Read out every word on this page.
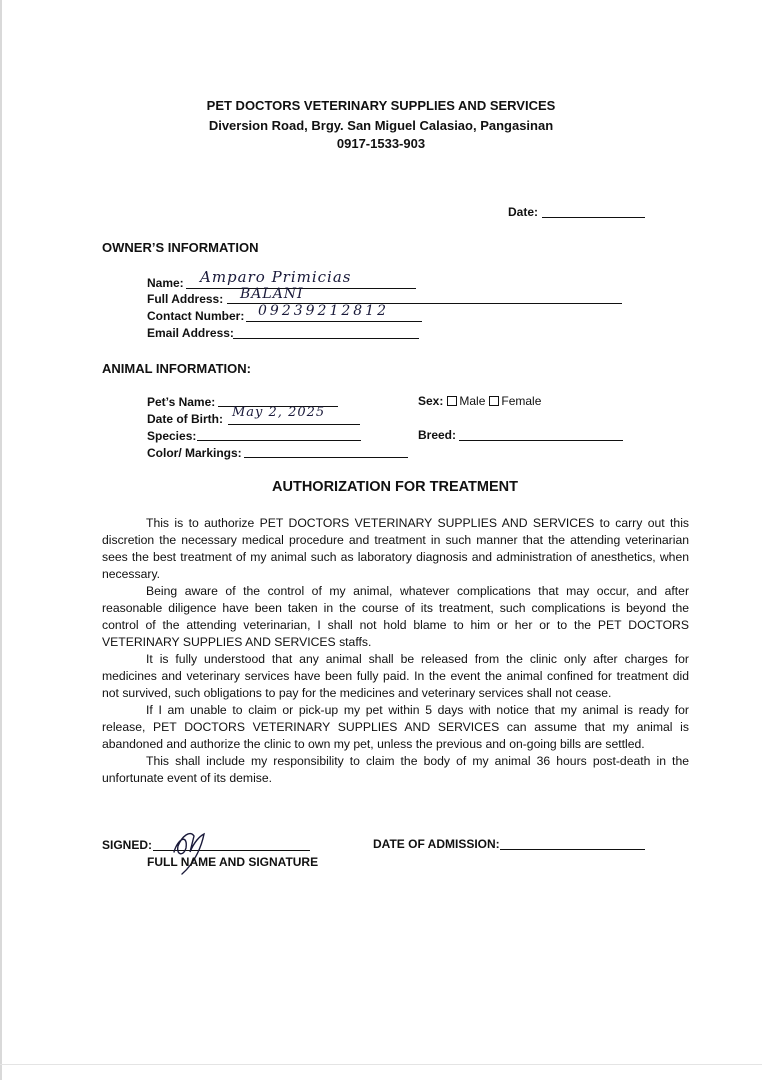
PET DOCTORS VETERINARY SUPPLIES AND SERVICES
Diversion Road, Brgy. San Miguel Calasiao, Pangasinan
0917-1533-903
Date:
OWNER’S INFORMATION
Name: Amparo Primicias
Full Address: BALANI
Contact Number: 09239212812
Email Address:
ANIMAL INFORMATION:
Pet’s Name:
Date of Birth: May 2, 2025
Species:
Color/ Markings:
Sex: Male Female
Breed:
AUTHORIZATION FOR TREATMENT

This is to authorize PET DOCTORS VETERINARY SUPPLIES AND SERVICES to carry out this discretion the necessary medical procedure and treatment in such manner that the attending veterinarian sees the best treatment of my animal such as laboratory diagnosis and administration of anesthetics, when necessary.

Being aware of the control of my animal, whatever complications that may occur, and after reasonable diligence have been taken in the course of its treatment, such complications is beyond the control of the attending veterinarian, I shall not hold blame to him or her or to the PET DOCTORS VETERINARY SUPPLIES AND SERVICES staffs.

It is fully understood that any animal shall be released from the clinic only after charges for medicines and veterinary services have been fully paid. In the event the animal confined for treatment did not survived, such obligations to pay for the medicines and veterinary services shall not cease.

If I am unable to claim or pick-up my pet within 5 days with notice that my animal is ready for release, PET DOCTORS VETERINARY SUPPLIES AND SERVICES can assume that my animal is abandoned and authorize the clinic to own my pet, unless the previous and on-going bills are settled.

This shall include my responsibility to claim the body of my animal 36 hours post-death in the unfortunate event of its demise.

SIGNED:
FULL NAME AND SIGNATURE
DATE OF ADMISSION:
